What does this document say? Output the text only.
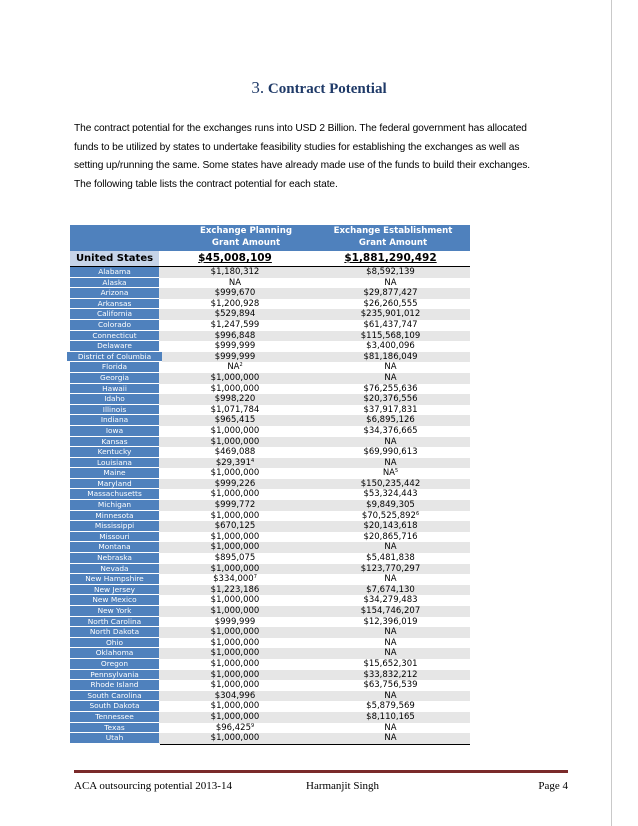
3. Contract Potential
The contract potential for the exchanges runs into USD 2 Billion. The federal government has allocated
funds to be utilized by states to undertake feasibility studies for establishing the exchanges as well as
setting up/running the same. Some states have already made use of the funds to build their exchanges.
The following table lists the contract potential for each state.
Exchange Planning
Grant Amount
Exchange Establishment
Grant Amount
United States	$45,008,109	$1,881,290,492
Alabama	$1,180,312	$8,592,139
Alaska	NA	NA
Arizona	$999,670	$29,877,427
Arkansas	$1,200,928	$26,260,555
California	$529,894	$235,901,012
Colorado	$1,247,599	$61,437,747
Connecticut	$996,848	$115,568,109
Delaware	$999,999	$3,400,096
District of Columbia	$999,999	$81,186,049
Florida	$NA^2$	NA
Georgia	$1,000,000	NA
Hawaii	$1,000,000	$76,255,636
Idaho	$998,220	$20,376,556
Illinois	$1,071,784	$37,917,831
Indiana	$965,415	$6,895,126
Iowa	$1,000,000	$34,376,665
Kansas	$1,000,000	NA
Kentucky	$469,088	$69,990,613
Louisiana	$29,391$^4$	NA
Maine	$1,000,000	$NA^5$
Maryland	$999,226	$150,235,442
Massachusetts	$1,000,000	$53,324,443
Michigan	$999,772	$9,849,305
Minnesota	$1,000,000	$70,525,892$^6$
Mississippi	$670,125	$20,143,618
Missouri	$1,000,000	$20,865,716
Montana	$1,000,000	NA
Nebraska	$895,075	$5,481,838
Nevada	$1,000,000	$123,770,297
New Hampshire	$334,000$^7$	NA
New Jersey	$1,223,186	$7,674,130
New Mexico	$1,000,000	$34,279,483
New York	$1,000,000	$154,746,207
North Carolina	$999,999	$12,396,019
North Dakota	$1,000,000	NA
Ohio	$1,000,000	NA
Oklahoma	$1,000,000	NA
Oregon	$1,000,000	$15,652,301
Pennsylvania	$1,000,000	$33,832,212
Rhode Island	$1,000,000	$63,756,539
South Carolina	$304,996	NA
South Dakota	$1,000,000	$5,879,569
Tennessee	$1,000,000	$8,110,165
Texas	$96,425$^9$	NA
Utah	$1,000,000	NA
ACA outsourcing potential 2013-14	Harmanjit Singh	Page 4
